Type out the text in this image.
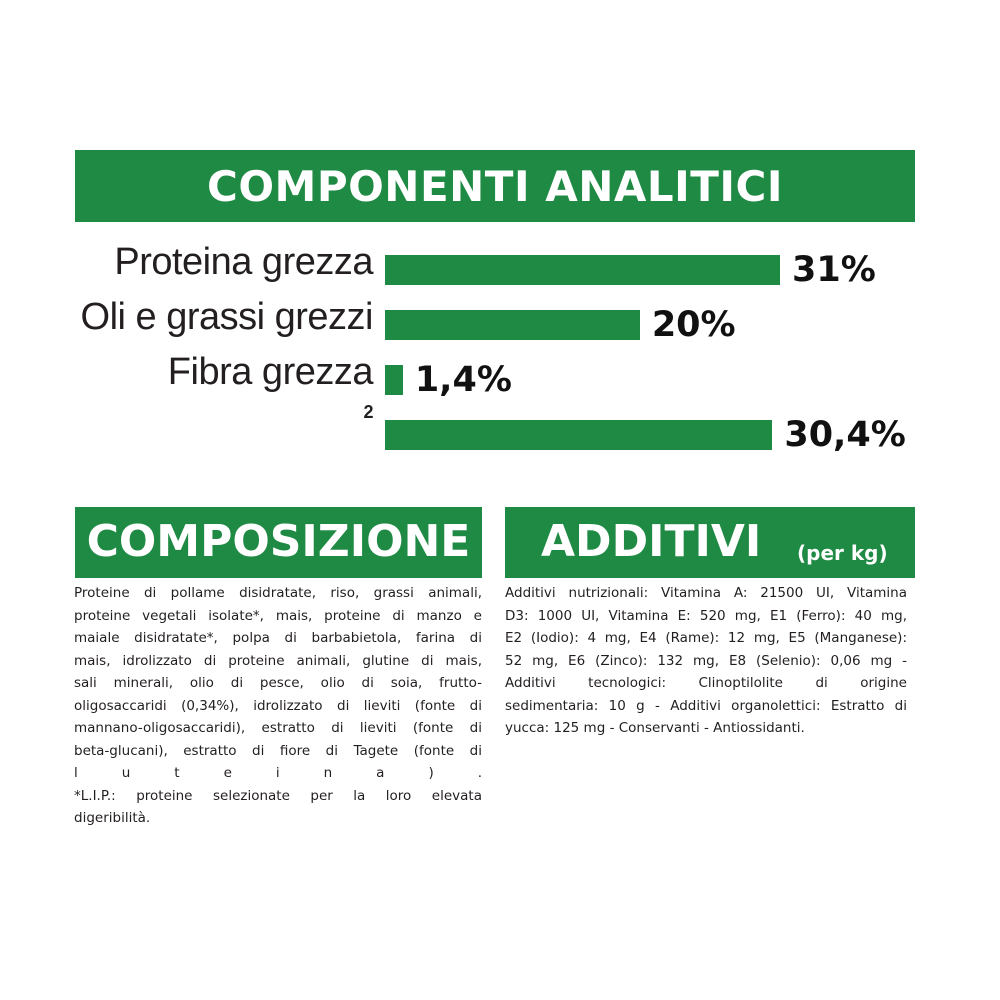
COMPONENTI ANALITICI
Proteina grezza	31%
Oli e grassi grezzi	20%
Fibra grezza 1,4%
2
30,4%
COMPOSIZIONE
Proteine di pollame disidratate, riso, grassi animali,
proteine vegetali isolate*, mais, proteine di manzo e
maiale disidratate*, polpa di barbabietola, farina di
mais, idrolizzato di proteine animali, glutine di mais,
sali minerali, olio di pesce, olio di soia, frutto-
oligosaccaridi (0,34%), idrolizzato di lieviti (fonte di
mannano-oligosaccaridi), estratto di lieviti (fonte di
beta-glucani), estratto di fiore di Tagete (fonte di
l u t e i n a ) .
*L.I.P.: proteine selezionate per la loro elevata
digeribilità.
ADDITIVI (per kg)
Additivi nutrizionali: Vitamina A: 21500 UI, Vitamina
D3: 1000 UI, Vitamina E: 520 mg, E1 (Ferro): 40 mg,
E2 (Iodio): 4 mg, E4 (Rame): 12 mg, E5 (Manganese):
52 mg, E6 (Zinco): 132 mg, E8 (Selenio): 0,06 mg -
Additivi tecnologici: Clinoptilolite di origine
sedimentaria: 10 g - Additivi organolettici: Estratto di
yucca: 125 mg - Conservanti - Antiossidanti.
